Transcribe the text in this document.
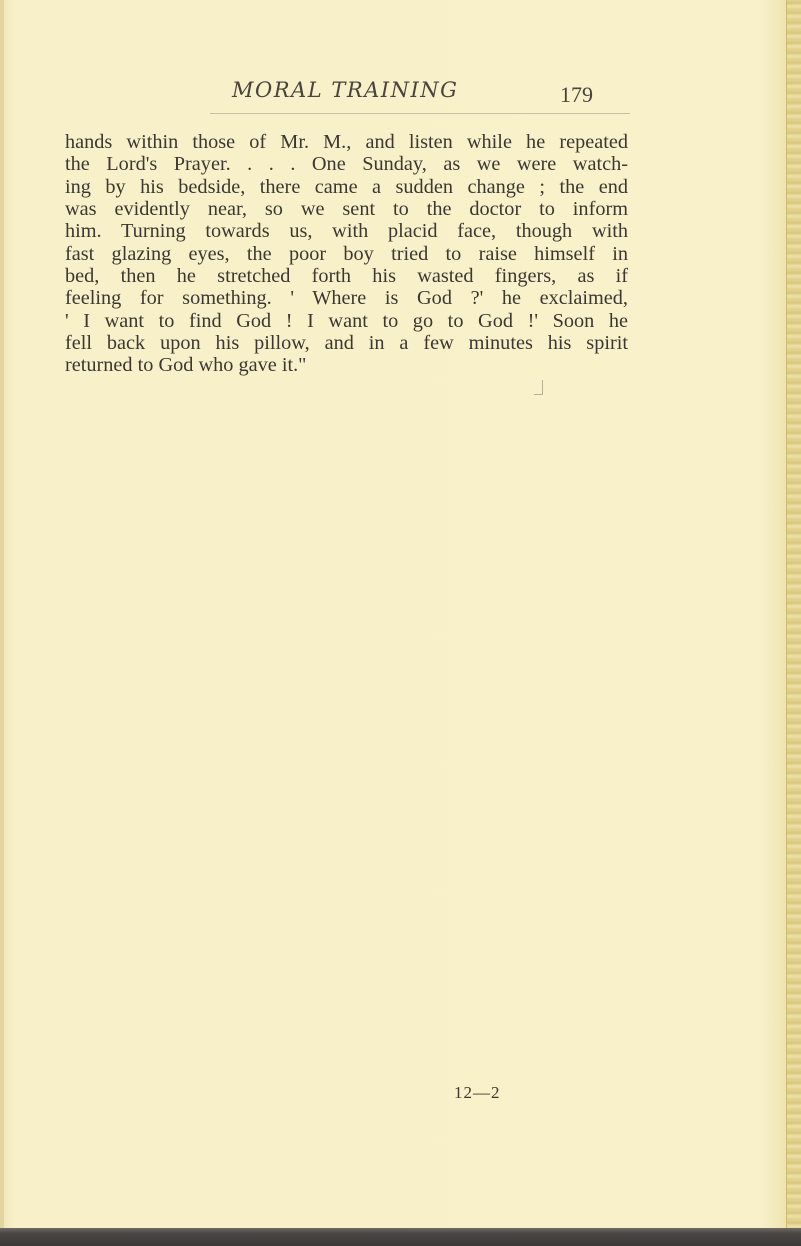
MORAL TRAINING	179
hands within those of Mr. M., and listen while he repeated
the Lord's Prayer. . . . One Sunday, as we were watch-
ing by his bedside, there came a sudden change ; the end
was evidently near, so we sent to the doctor to inform
him. Turning towards us, with placid face, though with
fast glazing eyes, the poor boy tried to raise himself in
bed, then he stretched forth his wasted fingers, as if
feeling for something. ' Where is God ?' he exclaimed,
' I want to find God ! I want to go to God !' Soon he
fell back upon his pillow, and in a few minutes his spirit
returned to God who gave it."
12—2
